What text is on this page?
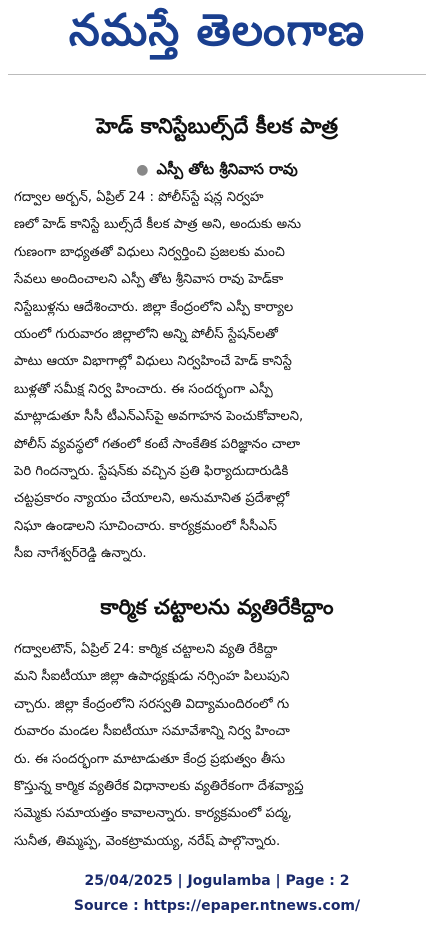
నమస్తే తెలంగాణ
హెడ్ కానిస్టేబుల్స్‌దే కీలక పాత్ర
● ఎస్పీ తోట శ్రీనివాస రావు
గద్వాల అర్బన్, ఏప్రిల్ 24 : పోలీస్‌స్టే షన్ల నిర్వహ
ణలో హెడ్ కానిస్టే బుల్స్‌దే కీలక పాత్ర అని, అందుకు అను
గుణంగా బాధ్యతతో విధులు నిర్వర్తించి ప్రజలకు మంచి
సేవలు అందించాలని ఎస్పీ తోట శ్రీనివాస రావు హెడ్‌కా
నిస్టేబుళ్లను ఆదేశించారు. జిల్లా కేంద్రంలోని ఎస్పీ కార్యాల
యంలో గురువారం జిల్లాలోని అన్ని పోలీస్ స్టేషన్‌లతో
పాటు ఆయా విభాగాల్లో విధులు నిర్వహించే హెడ్ కానిస్టే
బుళ్లతో సమీక్ష నిర్వ హించారు. ఈ సందర్భంగా ఎస్పీ
మాట్లాడుతూ సీసీ టీఎన్ఎస్‌పై అవగాహన పెంచుకోవాలని,
పోలీస్ వ్యవస్థలో గతంలో కంటే సాంకేతిక పరిజ్ఞానం చాలా
పెరి గిందన్నారు. స్టేషన్‌కు వచ్చిన ప్రతి ఫిర్యాదుదారుడికి
చట్టప్రకారం న్యాయం చేయాలని, అనుమానిత ప్రదేశాల్లో
నిఘా ఉండాలని సూచించారు. కార్యక్రమంలో సీసీఎస్
సీఐ నాగేశ్వర్‌రెడ్డి ఉన్నారు.
కార్మిక చట్టాలను వ్యతిరేకిద్దాం
గద్వాలటౌన్, ఏప్రిల్ 24: కార్మిక చట్టాలని వ్యతి రేకిద్దా
మని సీఐటీయూ జిల్లా ఉపాధ్యక్షుడు నర్సింహ పిలుపుని
చ్చారు. జిల్లా కేంద్రంలోని సరస్వతి విద్యామందిరంలో గు
రువారం మండల సీఐటీయూ సమావేశాన్ని నిర్వ హించా
రు. ఈ సందర్భంగా మాటాడుతూ కేంద్ర ప్రభుత్వం తీసు
కొస్తున్న కార్మిక వ్యతిరేక విధానాలకు వ్యతిరేకంగా దేశవ్యాప్త
సమ్మెకు సమాయత్తం కావాలన్నారు. కార్యక్రమంలో పద్మ,
సునీత, తిమ్మప్ప, వెంకట్రామయ్య, నరేష్ పాల్గొన్నారు.
25/04/2025 | Jogulamba | Page : 2
Source : https://epaper.ntnews.com/
